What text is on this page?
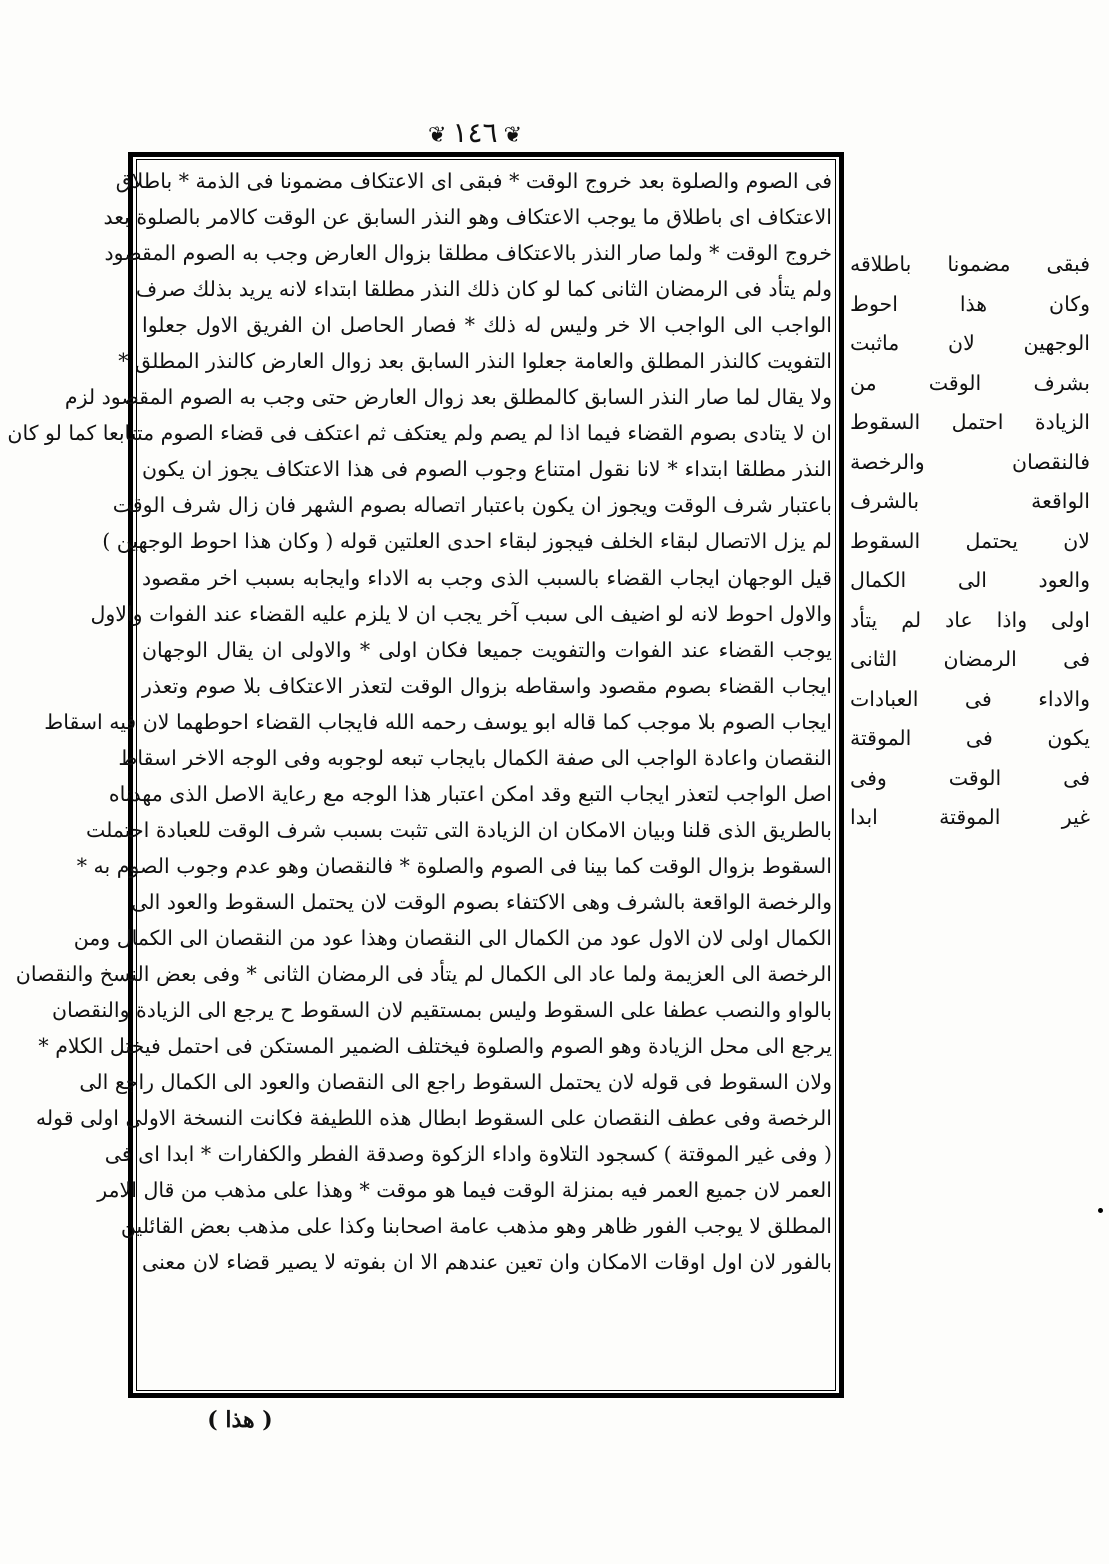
❦١٤٦❦
فى الصوم والصلوة بعد خروج الوقت * فبقى اى الاعتكاف مضمونا فى الذمة * باطلاق
الاعتكاف اى باطلاق ما يوجب الاعتكاف وهو النذر السابق عن الوقت كالامر بالصلوة بعد
خروج الوقت * ولما صار النذر بالاعتكاف مطلقا بزوال العارض وجب به الصوم المقصود
ولم يتأد فى الرمضان الثانى كما لو كان ذلك النذر مطلقا ابتداء لانه يريد بذلك صرف
الواجب الى الواجب الا خر وليس له ذلك * فصار الحاصل ان الفريق الاول جعلوا
التفويت كالنذر المطلق والعامة جعلوا النذر السابق بعد زوال العارض كالنذر المطلق *
ولا يقال لما صار النذر السابق كالمطلق بعد زوال العارض حتى وجب به الصوم المقصود لزم
ان لا يتادى بصوم القضاء فيما اذا لم يصم ولم يعتكف ثم اعتكف فى قضاء الصوم متتابعا كما لو كان
النذر مطلقا ابتداء * لانا نقول امتناع وجوب الصوم فى هذا الاعتكاف يجوز ان يكون
باعتبار شرف الوقت ويجوز ان يكون باعتبار اتصاله بصوم الشهر فان زال شرف الوقت
لم يزل الاتصال لبقاء الخلف فيجوز لبقاء احدى العلتين قوله ( وكان هذا احوط الوجهين )
قيل الوجهان ايجاب القضاء بالسبب الذى وجب به الاداء وايجابه بسبب اخر مقصود
والاول احوط لانه لو اضيف الى سبب آخر يجب ان لا يلزم عليه القضاء عند الفوات والاول
يوجب القضاء عند الفوات والتفويت جميعا فكان اولى * والاولى ان يقال الوجهان
ايجاب القضاء بصوم مقصود واسقاطه بزوال الوقت لتعذر الاعتكاف بلا صوم وتعذر
ايجاب الصوم بلا موجب كما قاله ابو يوسف رحمه الله فايجاب القضاء احوطهما لان فيه اسقاط
النقصان واعادة الواجب الى صفة الكمال بايجاب تبعه لوجوبه وفى الوجه الاخر اسقاط
اصل الواجب لتعذر ايجاب التبع وقد امكن اعتبار هذا الوجه مع رعاية الاصل الذى مهدناه
بالطريق الذى قلنا وبيان الامكان ان الزيادة التى تثبت بسبب شرف الوقت للعبادة احتملت
السقوط بزوال الوقت كما بينا فى الصوم والصلوة * فالنقصان وهو عدم وجوب الصوم به *
والرخصة الواقعة بالشرف وهى الاكتفاء بصوم الوقت لان يحتمل السقوط والعود الى
الكمال اولى لان الاول عود من الكمال الى النقصان وهذا عود من النقصان الى الكمال ومن
الرخصة الى العزيمة ولما عاد الى الكمال لم يتأد فى الرمضان الثانى * وفى بعض النسخ والنقصان
بالواو والنصب عطفا على السقوط وليس بمستقيم لان السقوط ح يرجع الى الزيادة والنقصان
يرجع الى محل الزيادة وهو الصوم والصلوة فيختلف الضمير المستكن فى احتمل فيختل الكلام *
ولان السقوط فى قوله لان يحتمل السقوط راجع الى النقصان والعود الى الكمال راجع الى
الرخصة وفى عطف النقصان على السقوط ابطال هذه اللطيفة فكانت النسخة الاولى اولى قوله
( وفى غير الموقتة ) كسجود التلاوة واداء الزكوة وصدقة الفطر والكفارات * ابدا اى فى
العمر لان جميع العمر فيه بمنزلة الوقت فيما هو موقت * وهذا على مذهب من قال الامر
المطلق لا يوجب الفور ظاهر وهو مذهب عامة اصحابنا وكذا على مذهب بعض القائلين
بالفور لان اول اوقات الامكان وان تعين عندهم الا ان بفوته لا يصير قضاء لان معنى
فبقى مضمونا باطلاقه
وكان هذا احوط
الوجهين لان ماثبت
بشرف الوقت من
الزيادة احتمل السقوط
فالنقصان والرخصة
الواقعة بالشرف
لان يحتمل السقوط
والعود الى الكمال
اولى واذا عاد لم يتأد
فى الرمضان الثانى
والاداء فى العبادات
يكون فى الموقتة
فى الوقت وفى
غير الموقتة ابدا
( هذا )
